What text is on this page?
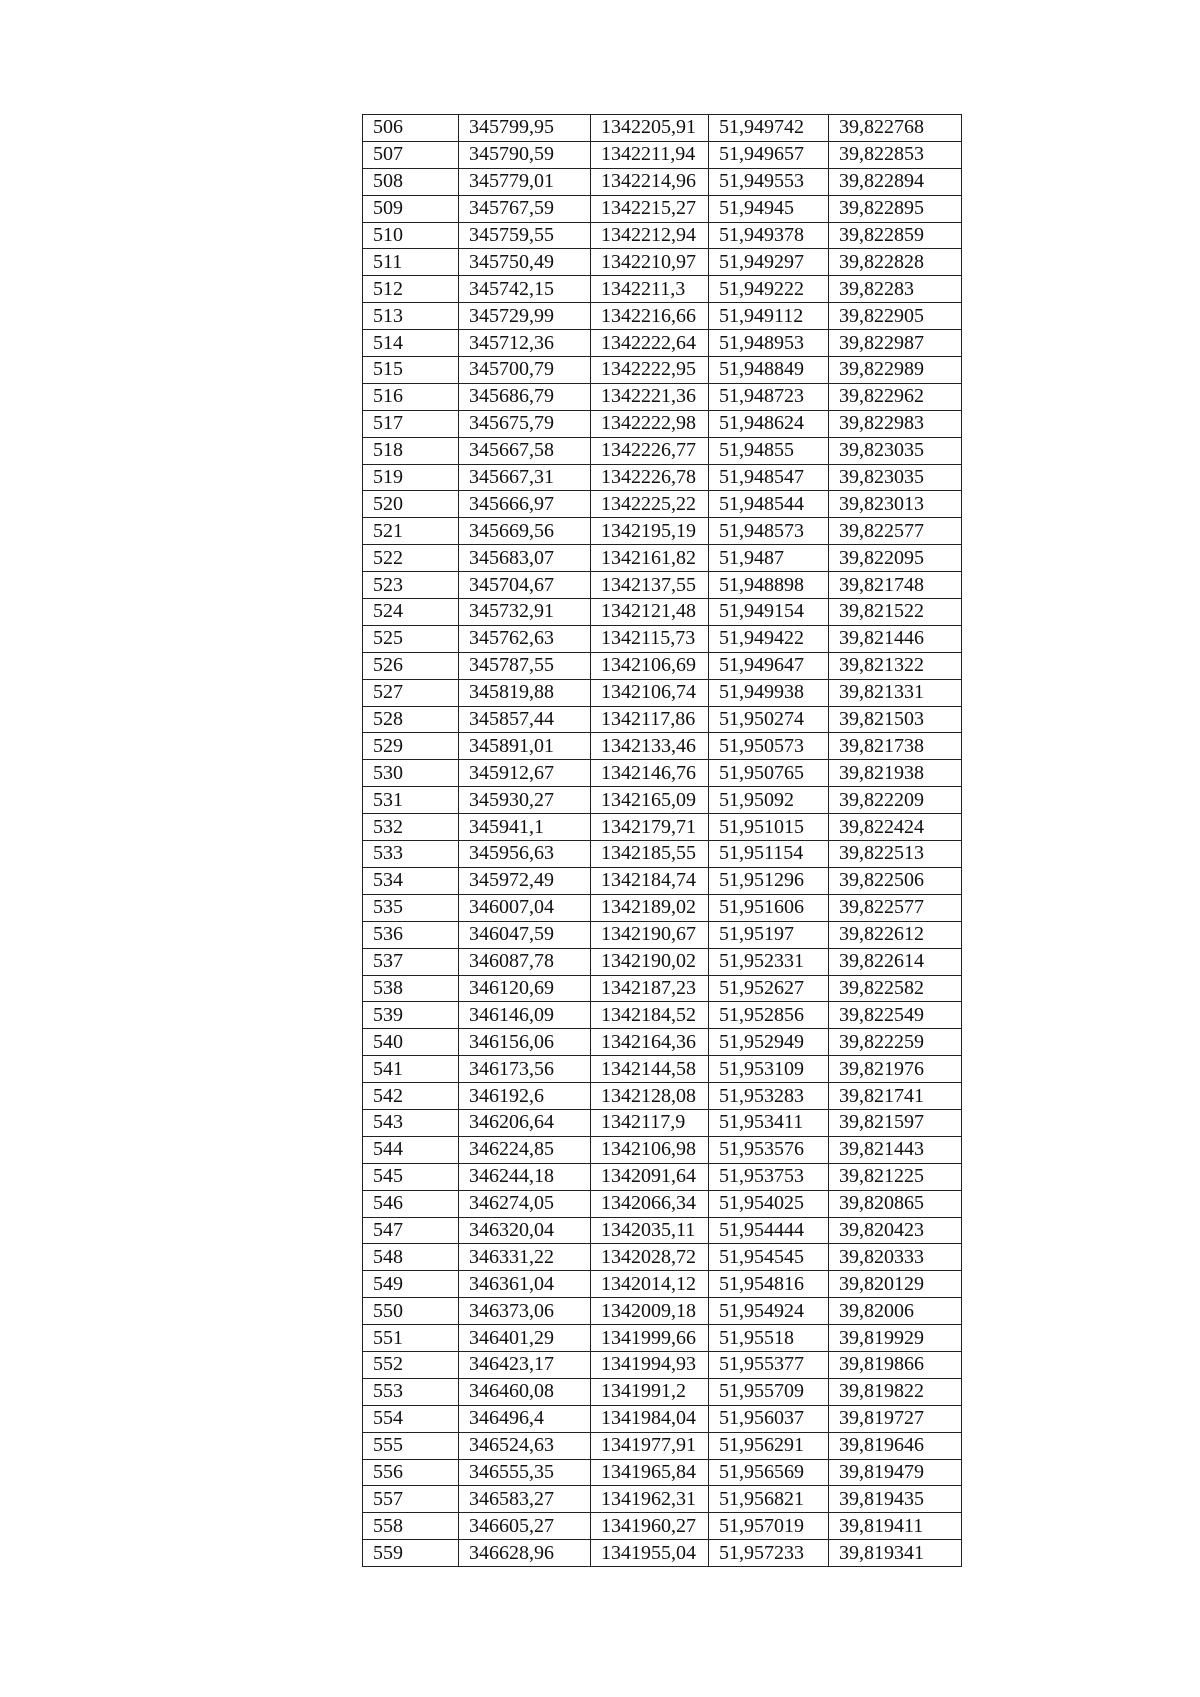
506	345799,95	1342205,91	51,949742	39,822768
507	345790,59	1342211,94	51,949657	39,822853
508	345779,01	1342214,96	51,949553	39,822894
509	345767,59	1342215,27	51,94945	39,822895
510	345759,55	1342212,94	51,949378	39,822859
511	345750,49	1342210,97	51,949297	39,822828
512	345742,15	1342211,3	51,949222	39,82283
513	345729,99	1342216,66	51,949112	39,822905
514	345712,36	1342222,64	51,948953	39,822987
515	345700,79	1342222,95	51,948849	39,822989
516	345686,79	1342221,36	51,948723	39,822962
517	345675,79	1342222,98	51,948624	39,822983
518	345667,58	1342226,77	51,94855	39,823035
519	345667,31	1342226,78	51,948547	39,823035
520	345666,97	1342225,22	51,948544	39,823013
521	345669,56	1342195,19	51,948573	39,822577
522	345683,07	1342161,82	51,9487	39,822095
523	345704,67	1342137,55	51,948898	39,821748
524	345732,91	1342121,48	51,949154	39,821522
525	345762,63	1342115,73	51,949422	39,821446
526	345787,55	1342106,69	51,949647	39,821322
527	345819,88	1342106,74	51,949938	39,821331
528	345857,44	1342117,86	51,950274	39,821503
529	345891,01	1342133,46	51,950573	39,821738
530	345912,67	1342146,76	51,950765	39,821938
531	345930,27	1342165,09	51,95092	39,822209
532	345941,1	1342179,71	51,951015	39,822424
533	345956,63	1342185,55	51,951154	39,822513
534	345972,49	1342184,74	51,951296	39,822506
535	346007,04	1342189,02	51,951606	39,822577
536	346047,59	1342190,67	51,95197	39,822612
537	346087,78	1342190,02	51,952331	39,822614
538	346120,69	1342187,23	51,952627	39,822582
539	346146,09	1342184,52	51,952856	39,822549
540	346156,06	1342164,36	51,952949	39,822259
541	346173,56	1342144,58	51,953109	39,821976
542	346192,6	1342128,08	51,953283	39,821741
543	346206,64	1342117,9	51,953411	39,821597
544	346224,85	1342106,98	51,953576	39,821443
545	346244,18	1342091,64	51,953753	39,821225
546	346274,05	1342066,34	51,954025	39,820865
547	346320,04	1342035,11	51,954444	39,820423
548	346331,22	1342028,72	51,954545	39,820333
549	346361,04	1342014,12	51,954816	39,820129
550	346373,06	1342009,18	51,954924	39,82006
551	346401,29	1341999,66	51,95518	39,819929
552	346423,17	1341994,93	51,955377	39,819866
553	346460,08	1341991,2	51,955709	39,819822
554	346496,4	1341984,04	51,956037	39,819727
555	346524,63	1341977,91	51,956291	39,819646
556	346555,35	1341965,84	51,956569	39,819479
557	346583,27	1341962,31	51,956821	39,819435
558	346605,27	1341960,27	51,957019	39,819411
559	346628,96	1341955,04	51,957233	39,819341
